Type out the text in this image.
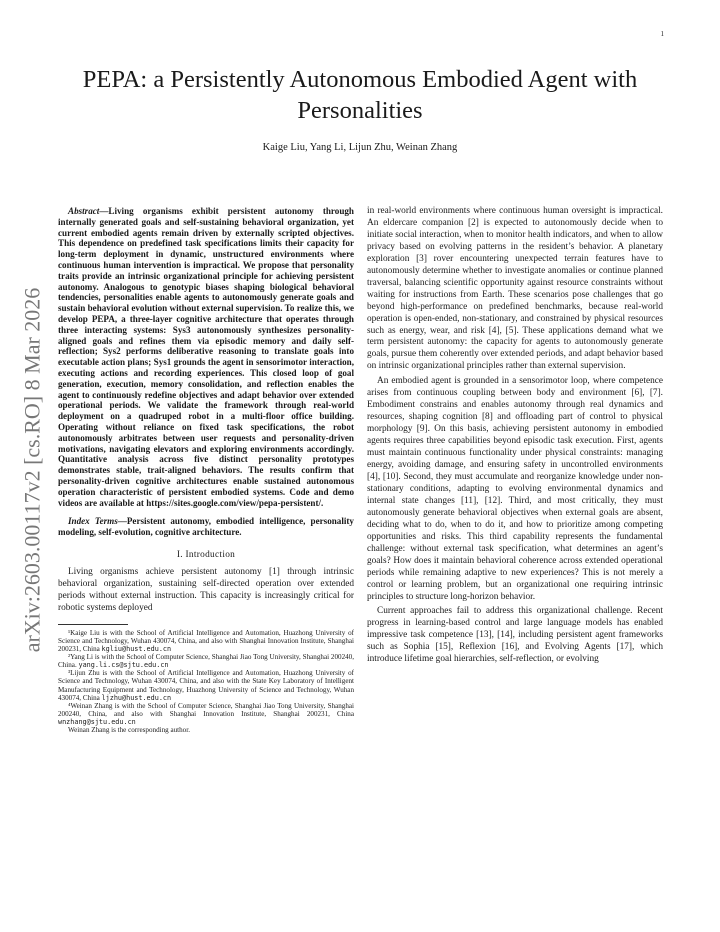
1
arXiv:2603.00117v2 [cs.RO] 8 Mar 2026
PEPA: a Persistently Autonomous Embodied Agent with Personalities
Kaige Liu, Yang Li, Lijun Zhu, Weinan Zhang

Abstract—Living organisms exhibit persistent autonomy through internally generated goals and self-sustaining behavioral organization, yet current embodied agents remain driven by externally scripted objectives. This dependence on predefined task specifications limits their capacity for long-term deployment in dynamic, unstructured environments where continuous human intervention is impractical. We propose that personality traits provide an intrinsic organizational principle for achieving persistent autonomy. Analogous to genotypic biases shaping biological behavioral tendencies, personalities enable agents to autonomously generate goals and sustain behavioral evolution without external supervision. To realize this, we develop PEPA, a three-layer cognitive architecture that operates through three interacting systems: Sys3 autonomously synthesizes personality-aligned goals and refines them via episodic memory and daily self-reflection; Sys2 performs deliberative reasoning to translate goals into executable action plans; Sys1 grounds the agent in sensorimotor interaction, executing actions and recording experiences. This closed loop of goal generation, execution, memory consolidation, and reflection enables the agent to continuously redefine objectives and adapt behavior over extended operational periods. We validate the framework through real-world deployment on a quadruped robot in a multi-floor office building. Operating without reliance on fixed task specifications, the robot autonomously arbitrates between user requests and personality-driven motivations, navigating elevators and exploring environments accordingly. Quantitative analysis across five distinct personality prototypes demonstrates stable, trait-aligned behaviors. The results confirm that personality-driven cognitive architectures enable sustained autonomous operation characteristic of persistent embodied systems. Code and demo videos are available at https://sites.google.com/view/pepa-persistent/.

Index Terms—Persistent autonomy, embodied intelligence, personality modeling, self-evolution, cognitive architecture.

I. Introduction

Living organisms achieve persistent autonomy [1] through intrinsic behavioral organization, sustaining self-directed operation over extended periods without external instruction. This capacity is increasingly critical for robotic systems deployed

¹Kaige Liu is with the School of Artificial Intelligence and Automation, Huazhong University of Science and Technology, Wuhan 430074, China, and also with Shanghai Innovation Institute, Shanghai 200231, China kgliu@hust.edu.cn

²Yang Li is with the School of Computer Science, Shanghai Jiao Tong University, Shanghai 200240, China. yang.li.cs@sjtu.edu.cn

³Lijun Zhu is with the School of Artificial Intelligence and Automation, Huazhong University of Science and Technology, Wuhan 430074, China, and also with the State Key Laboratory of Intelligent Manufacturing Equipment and Technology, Huazhong University of Science and Technology, Wuhan 430074, China ljzhu@hust.edu.cn

⁴Weinan Zhang is with the School of Computer Science, Shanghai Jiao Tong University, Shanghai 200240, China, and also with Shanghai Innovation Institute, Shanghai 200231, China wnzhang@sjtu.edu.cn

Weinan Zhang is the corresponding author.

in real-world environments where continuous human oversight is impractical. An eldercare companion [2] is expected to autonomously decide when to initiate social interaction, when to monitor health indicators, and when to allow privacy based on evolving patterns in the resident’s behavior. A planetary exploration [3] rover encountering unexpected terrain features have to autonomously determine whether to investigate anomalies or continue planned traversal, balancing scientific opportunity against resource constraints without waiting for instructions from Earth. These scenarios pose challenges that go beyond high-performance on predefined benchmarks, because real-world operation is open-ended, non-stationary, and constrained by physical resources such as energy, wear, and risk [4], [5]. These applications demand what we term persistent autonomy: the capacity for agents to autonomously generate goals, pursue them coherently over extended periods, and adapt behavior based on intrinsic organizational principles rather than external supervision.

An embodied agent is grounded in a sensorimotor loop, where competence arises from continuous coupling between body and environment [6], [7]. Embodiment constrains and enables autonomy through real dynamics and resources, shaping cognition [8] and offloading part of control to physical morphology [9]. On this basis, achieving persistent autonomy in embodied agents requires three capabilities beyond episodic task execution. First, agents must maintain continuous functionality under physical constraints: managing energy, avoiding damage, and ensuring safety in uncontrolled environments [4], [10]. Second, they must accumulate and reorganize knowledge under non-stationary conditions, adapting to evolving environmental dynamics and internal state changes [11], [12]. Third, and most critically, they must autonomously generate behavioral objectives when external goals are absent, deciding what to do, when to do it, and how to prioritize among competing opportunities and risks. This third capability represents the fundamental challenge: without external task specification, what determines an agent’s goals? How does it maintain behavioral coherence across extended operational periods while remaining adaptive to new experiences? This is not merely a control or learning problem, but an organizational one requiring intrinsic principles to structure long-horizon behavior.

Current approaches fail to address this organizational challenge. Recent progress in learning-based control and large language models has enabled impressive task competence [13], [14], including persistent agent frameworks such as Sophia [15], Reflexion [16], and Evolving Agents [17], which introduce lifetime goal hierarchies, self-reflection, or evolving
